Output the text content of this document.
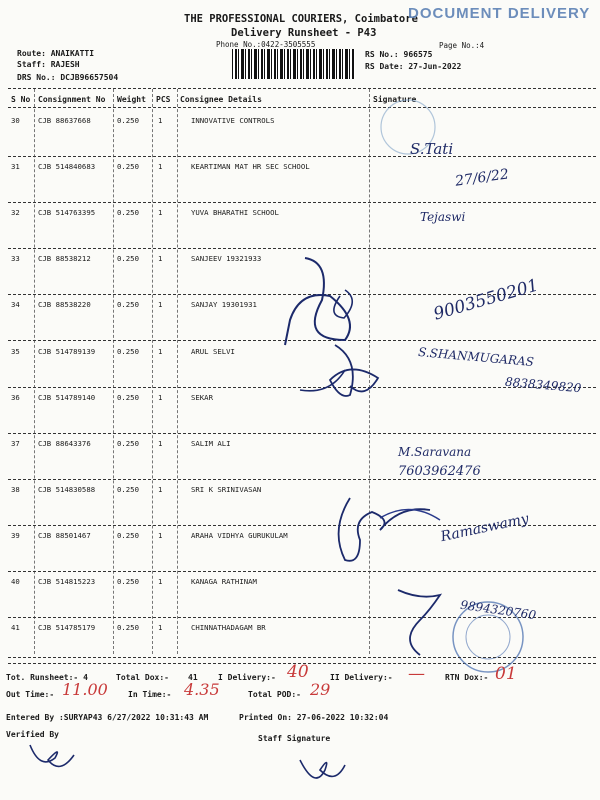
THE PROFESSIONAL COURIERS, Coimbatore
DOCUMENT DELIVERY
Delivery Runsheet - P43
Phone No.:0422-3505555	Page No.:4
Route: ANAIKATTI
Staff: RAJESH
DRS No.: DCJB96657504
RS No.: 966575
RS Date: 27-Jun-2022
S No Consignment No Weight PCS Consignee Details	Signature
30 CJB 88637668	0.250	1	INNOVATIVE CONTROLS
31 CJB 514840683	0.250	1	KEARTIMAN MAT HR SEC SCHOOL
32 CJB 514763395	0.250	1	YUVA BHARATHI SCHOOL
33 CJB 88538212	0.250	1	SANJEEV 19321933
34 CJB 88538220	0.250	1	SANJAY 19301931
35 CJB 514789139	0.250	1	ARUL SELVI
36 CJB 514789140	0.250	1	SEKAR
37 CJB 88643376	0.250	1	SALIM ALI
38 CJB 514830588	0.250	1	SRI K SRINIVASAN
39 CJB 88501467	0.250	1	ARAHA VIDHYA GURUKULAM
40 CJB 514815223	0.250	1	KANAGA RATHINAM
41 CJB 514785179	0.250	1	CHINNATHADAGAM BR
S.Tati
27/6/22
Tejaswi
9003550201
S.SHANMUGARAS
8838349820
M.Saravana
7603962476
Ramaswamy
9894320760
Tot. Runsheet:- 4	Total Dox:- 41	I Delivery:- 40	II Delivery:- —	RTN Dox:- 01
Out Time:- 11.00	In Time:- 4.35	Total POD:- 29
Entered By :SURYAP43 6/27/2022 10:31:43 AM	Printed On: 27-06-2022 10:32:04
Verified By	Staff Signature
